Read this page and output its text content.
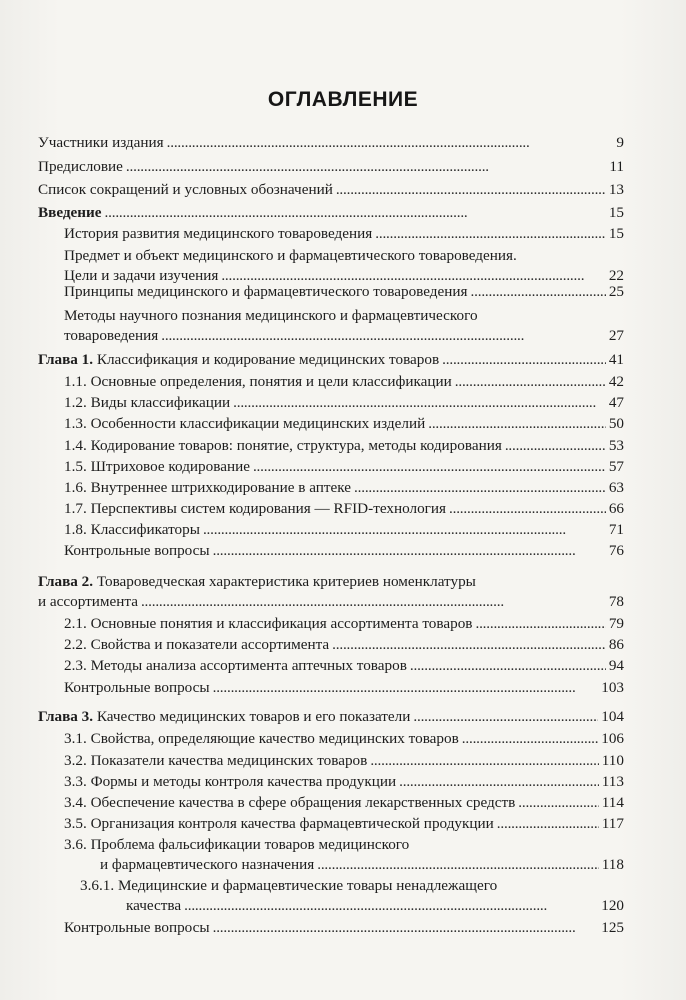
ОГЛАВЛЕНИЕ
Участники издания . . .	9
Предисловие . . .	11
Список сокращений и условных обозначений . . .	13
Введение . . .	15
История развития медицинского товароведения . . .	15
Предмет и объект медицинского и фармацевтического товароведения.
Цели и задачи изучения . . .	22
Принципы медицинского и фармацевтического товароведения . . .	25
Методы научного познания медицинского и фармацевтического
товароведения . . .	27
Глава 1. Классификация и кодирование медицинских товаров . . .	41
1.1. Основные определения, понятия и цели классификации . . .	42
1.2. Виды классификации . . .	47
1.3. Особенности классификации медицинских изделий . . .	50
1.4. Кодирование товаров: понятие, структура, методы кодирования . . .	53
1.5. Штриховое кодирование . . .	57
1.6. Внутреннее штрихкодирование в аптеке . . .	63
1.7. Перспективы систем кодирования — RFID-технология . . .	66
1.8. Классификаторы . . .	71
Контрольные вопросы . . .	76
Глава 2. Товароведческая характеристика критериев номенклатуры
и ассортимента . . .	78
2.1. Основные понятия и классификация ассортимента товаров . . .	79
2.2. Свойства и показатели ассортимента . . .	86
2.3. Методы анализа ассортимента аптечных товаров . . .	94
Контрольные вопросы . . .	103
Глава 3. Качество медицинских товаров и его показатели . . .	104
3.1. Свойства, определяющие качество медицинских товаров . . .	106
3.2. Показатели качества медицинских товаров . . .	110
3.3. Формы и методы контроля качества продукции . . .	113
3.4. Обеспечение качества в сфере обращения лекарственных средств . . .	114
3.5. Организация контроля качества фармацевтической продукции . . .	117
3.6. Проблема фальсификации товаров медицинского
и фармацевтического назначения . . .	118
3.6.1. Медицинские и фармацевтические товары ненадлежащего
качества . . .	120
Контрольные вопросы . . .	125
